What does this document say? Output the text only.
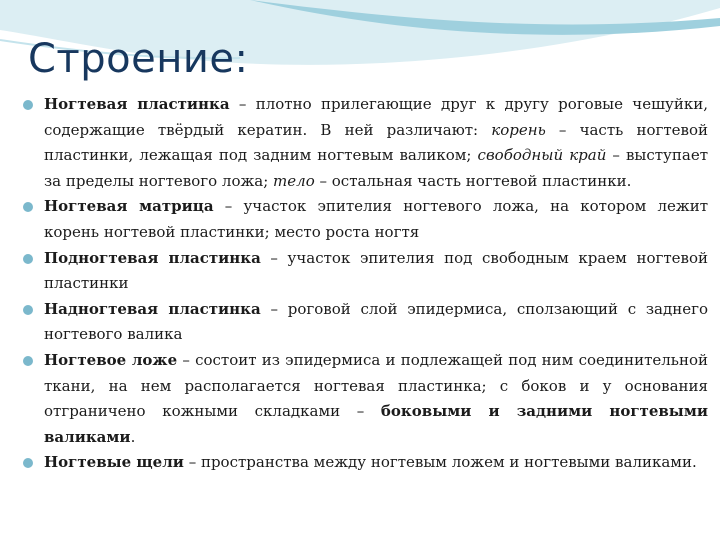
Строение:
Ногтевая пластинка – плотно прилегающие друг к другу роговые чешуйки, содержащие твёрдый кератин. В ней различают: корень – часть ногтевой пластинки, лежащая под задним ногтевым валиком; свободный край – выступает за пределы ногтевого ложа; тело – остальная часть ногтевой пластинки.
Ногтевая матрица – участок эпителия ногтевого ложа, на котором лежит корень ногтевой пластинки; место роста ногтя
Подногтевая пластинка – участок эпителия под свободным краем ногтевой пластинки
Надногтевая пластинка – роговой слой эпидермиса, сползающий с заднего ногтевого валика
Ногтевое ложе – состоит из эпидермиса и подлежащей под ним соединительной ткани, на нем располагается ногтевая пластинка; с боков и у основания отграничено кожными складками – боковыми и задними ногтевыми валиками.
Ногтевые щели – пространства между ногтевым ложем и ногтевыми валиками.
